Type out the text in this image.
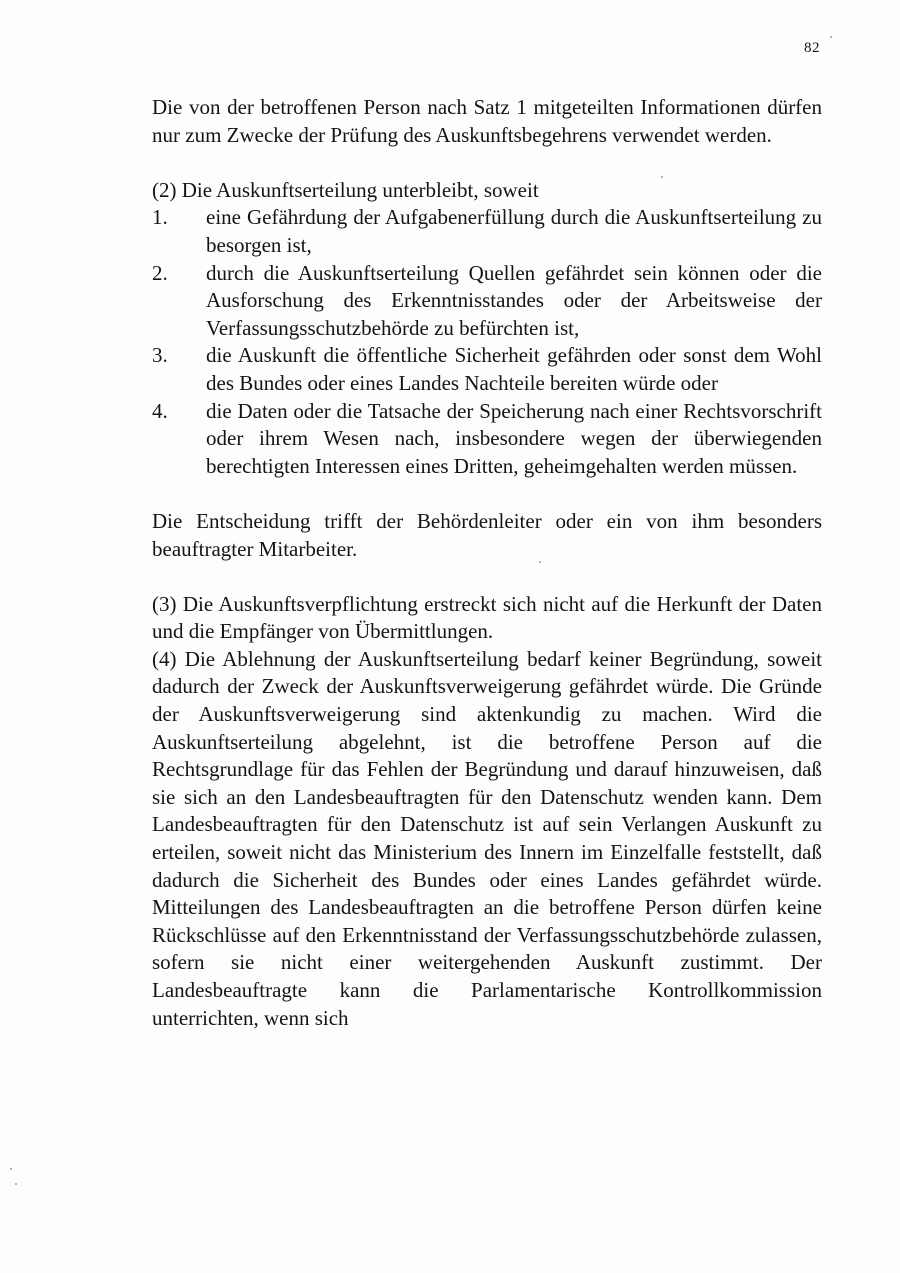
82

Die von der betroffenen Person nach Satz 1 mitgeteilten Informationen dürfen nur zum Zwecke der Prüfung des Auskunftsbegehrens verwendet werden.

(2) Die Auskunftserteilung unterbleibt, soweit

1.	eine Gefährdung der Aufgabenerfüllung durch die Auskunftserteilung zu besorgen ist,
2.	durch die Auskunftserteilung Quellen gefährdet sein können oder die Ausforschung des Erkenntnisstandes oder der Arbeitsweise der Verfassungsschutzbehörde zu befürchten ist,
3.	die Auskunft die öffentliche Sicherheit gefährden oder sonst dem Wohl des Bundes oder eines Landes Nachteile bereiten würde oder
4.	die Daten oder die Tatsache der Speicherung nach einer Rechtsvorschrift oder ihrem Wesen nach, insbesondere wegen der überwiegenden berechtigten Interessen eines Dritten, geheimgehalten werden müssen.

Die Entscheidung trifft der Behördenleiter oder ein von ihm besonders beauftragter Mitarbeiter.

(3) Die Auskunftsverpflichtung erstreckt sich nicht auf die Herkunft der Daten und die Empfänger von Übermittlungen.

(4) Die Ablehnung der Auskunftserteilung bedarf keiner Begründung, soweit dadurch der Zweck der Auskunftsverweigerung gefährdet würde. Die Gründe der Auskunftsverweigerung sind aktenkundig zu machen. Wird die Auskunftserteilung abgelehnt, ist die betroffene Person auf die Rechtsgrundlage für das Fehlen der Begründung und darauf hinzuweisen, daß sie sich an den Landesbeauftragten für den Datenschutz wenden kann. Dem Landesbeauftragten für den Datenschutz ist auf sein Verlangen Auskunft zu erteilen, soweit nicht das Ministerium des Innern im Einzelfalle feststellt, daß dadurch die Sicherheit des Bundes oder eines Landes gefährdet würde. Mitteilungen des Landesbeauftragten an die betroffene Person dürfen keine Rückschlüsse auf den Erkenntnisstand der Verfassungsschutzbehörde zulassen, sofern sie nicht einer weitergehenden Auskunft zustimmt. Der Landesbeauftragte kann die Parlamentarische Kontrollkommission unterrichten, wenn sich
